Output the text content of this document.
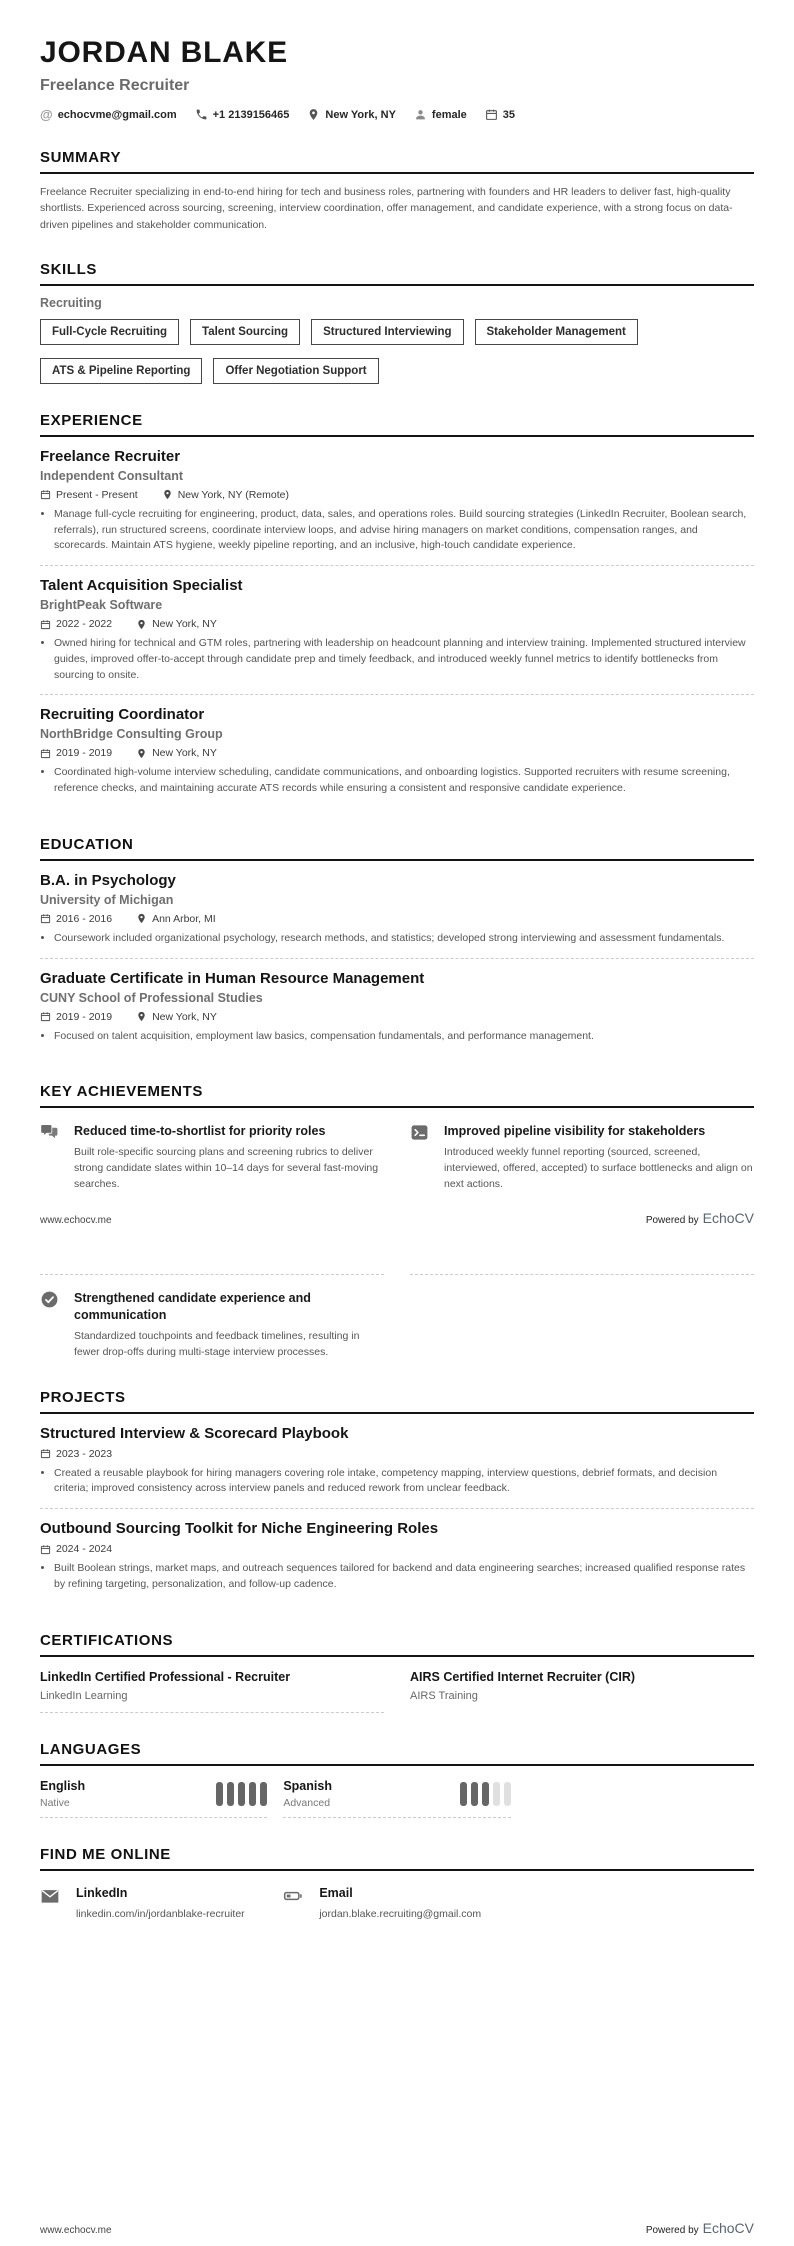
JORDAN BLAKE
Freelance Recruiter
@ echocvme@gmail.com	+1 2139156465	New York, NY	female	35
SUMMARY
Freelance Recruiter specializing in end-to-end hiring for tech and business roles, partnering with founders and HR leaders to deliver fast, high-quality shortlists. Experienced across sourcing, screening, interview coordination, offer management, and candidate experience, with a strong focus on data-driven pipelines and stakeholder communication.
SKILLS
Recruiting
Full-Cycle Recruiting	Talent Sourcing	Structured Interviewing	Stakeholder Management
ATS & Pipeline Reporting	Offer Negotiation Support
EXPERIENCE
Freelance Recruiter
Independent Consultant
Present - Present	New York, NY (Remote)
• Manage full-cycle recruiting for engineering, product, data, sales, and operations roles. Build sourcing strategies (LinkedIn Recruiter, Boolean search, referrals), run structured screens, coordinate interview loops, and advise hiring managers on market conditions, compensation ranges, and scorecards. Maintain ATS hygiene, weekly pipeline reporting, and an inclusive, high-touch candidate experience.
Talent Acquisition Specialist
BrightPeak Software
2022 - 2022	New York, NY
• Owned hiring for technical and GTM roles, partnering with leadership on headcount planning and interview training. Implemented structured interview guides, improved offer-to-accept through candidate prep and timely feedback, and introduced weekly funnel metrics to identify bottlenecks from sourcing to onsite.
Recruiting Coordinator
NorthBridge Consulting Group
2019 - 2019	New York, NY
• Coordinated high-volume interview scheduling, candidate communications, and onboarding logistics. Supported recruiters with resume screening, reference checks, and maintaining accurate ATS records while ensuring a consistent and responsive candidate experience.
EDUCATION
B.A. in Psychology
University of Michigan
2016 - 2016	Ann Arbor, MI
• Coursework included organizational psychology, research methods, and statistics; developed strong interviewing and assessment fundamentals.
Graduate Certificate in Human Resource Management
CUNY School of Professional Studies
2019 - 2019	New York, NY
• Focused on talent acquisition, employment law basics, compensation fundamentals, and performance management.
KEY ACHIEVEMENTS
Reduced time-to-shortlist for priority roles
Built role-specific sourcing plans and screening rubrics to deliver strong candidate slates within 10–14 days for several fast-moving searches.
Improved pipeline visibility for stakeholders
Introduced weekly funnel reporting (sourced, screened, interviewed, offered, accepted) to surface bottlenecks and align on next actions.
www.echocv.me	Powered by EchoCV
Strengthened candidate experience and communication
Standardized touchpoints and feedback timelines, resulting in fewer drop-offs during multi-stage interview processes.
PROJECTS
Structured Interview & Scorecard Playbook
2023 - 2023
• Created a reusable playbook for hiring managers covering role intake, competency mapping, interview questions, debrief formats, and decision criteria; improved consistency across interview panels and reduced rework from unclear feedback.
Outbound Sourcing Toolkit for Niche Engineering Roles
2024 - 2024
• Built Boolean strings, market maps, and outreach sequences tailored for backend and data engineering searches; increased qualified response rates by refining targeting, personalization, and follow-up cadence.
CERTIFICATIONS
LinkedIn Certified Professional - Recruiter
LinkedIn Learning
AIRS Certified Internet Recruiter (CIR)
AIRS Training
LANGUAGES
English
Native
Spanish
Advanced
FIND ME ONLINE
LinkedIn
linkedin.com/in/jordanblake-recruiter
Email
jordan.blake.recruiting@gmail.com
www.echocv.me	Powered by EchoCV
